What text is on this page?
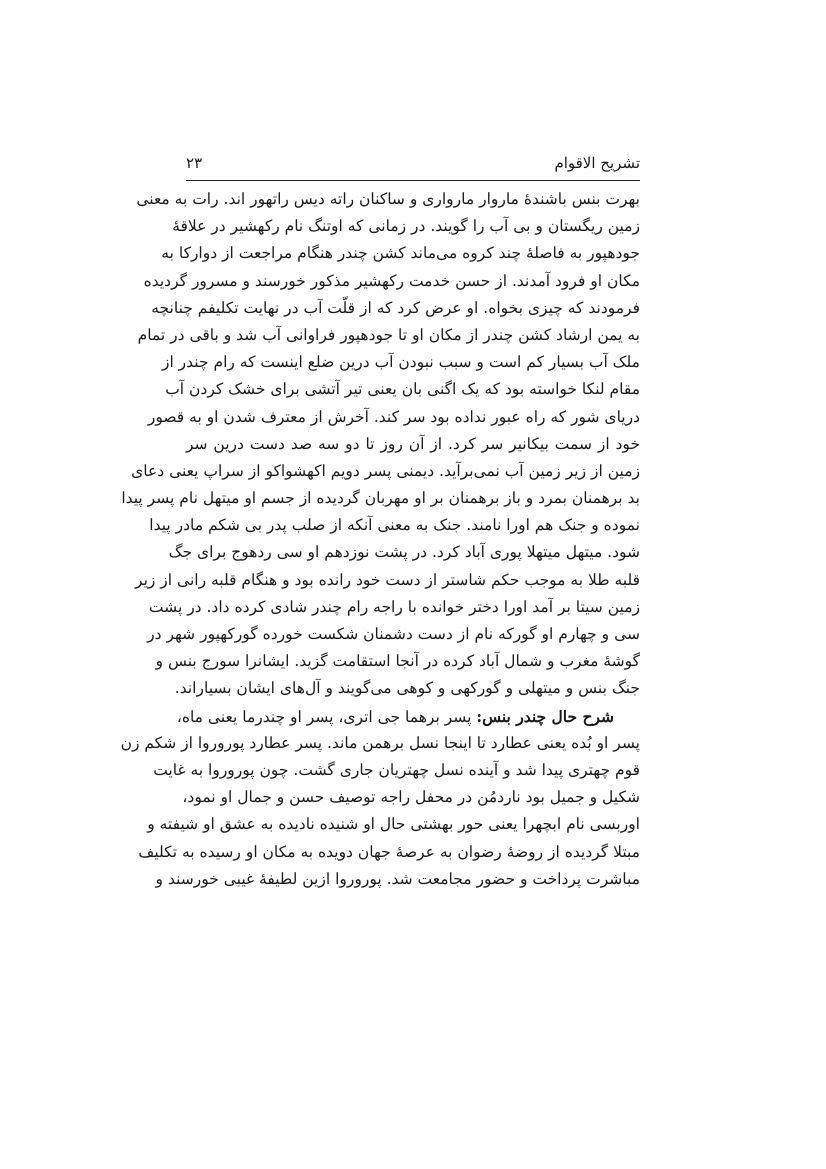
تشریح الاقوام
۲۳
بهرت بنس باشندهٔ ماروار مارواری و ساکنان راته دیس راتهور اند. رات به معنی
زمین ریگستان و بی آب را گویند. در زمانی که اوتنگ نام رکهشیر در علاقهٔ
جودهپور به فاصلهٔ چند کروه می‌ماند کشن چندر هنگام مراجعت از دوارکا به
مکان او فرود آمدند. از حسن خدمت رکهشیر مذکور خورسند و مسرور گردیده
فرمودند که چیزی بخواه. او عرض کرد که از قلّت آب در نهایت تکلیفم چنانچه
به یمن ارشاد کشن چندر از مکان او تا جودهپور فراوانی آب شد و باقی در تمام
ملک آب بسیار کم است و سبب نبودن آب درین ضلع اینست که رام چندر از
مقام لنکا خواسته بود که یک اگنی بان یعنی تیر آتشی برای خشک کردن آب
دریای شور که راه عبور نداده بود سر کند. آخرش از معترف شدن او به قصور
خود از سمت بیکانیر سر کرد. از آن روز تا دو سه صد دست درین سر
زمین از زیر زمین آب نمی‌برآید. دیمنی پسر دویم اکهشواکو از سراپ یعنی دعای
بد برهمنان بمرد و باز برهمنان بر او مهربان گردیده از جسم او میتهل نام پسر پیدا
نموده و جنک هم اورا نامند. جنک به معنی آنکه از صلب پدر بی شکم مادر پیدا
شود. میتهل میتهلا پوری آباد کرد. در پشت نوزدهم او سی ردهوج برای جگ
قلبه طلا به موجب حکم شاستر از دست خود رانده بود و هنگام قلبه رانی از زیر
زمین سیتا بر آمد اورا دختر خوانده با راجه رام چندر شادی کرده داد. در پشت
سی و چهارم او گورکه نام از دست دشمنان شکست خورده گورکهپور شهر در
گوشهٔ مغرب و شمال آباد کرده در آنجا استقامت گزید. ایشانرا سورج بنس و
جنگ بنس و میتهلی و گورکهی و کوهی می‌گویند و آل‌های ایشان بسیاراند.
شرح حال چندر بنس: پسر برهما جی اتری، پسر او چندرما یعنی ماه،
پسر او بُده یعنی عطارد تا اینجا نسل برهمن ماند. پسر عطارد پوروروا از شکم زن
قوم چهتری پیدا شد و آینده نسل چهتریان جاری گشت. چون پوروروا به غایت
شکیل و جمیل بود ناردمُن در محفل راجه توصیف حسن و جمال او نمود،
اوربسی نام ابچهرا یعنی حور بهشتی حال او شنیده نادیده به عشق او شیفته و
مبتلا گردیده از روضهٔ رضوان به عرصهٔ جهان دویده به مکان او رسیده به تکلیف
مباشرت پرداخت و حضور مجامعت شد. پوروروا ازین لطیفهٔ غیبی خورسند و
